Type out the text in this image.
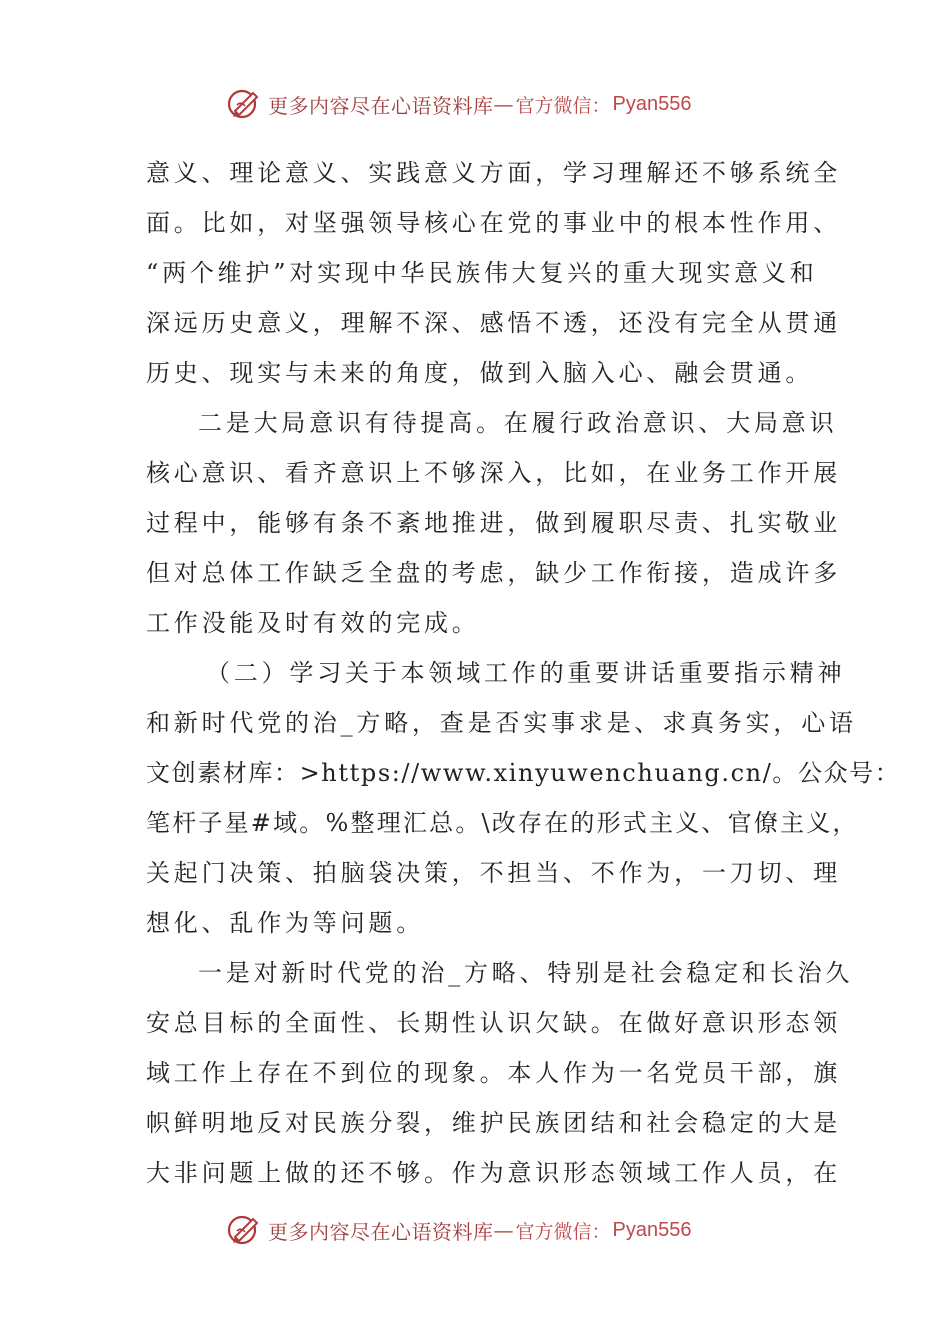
更多内容尽在心语资料库 — 官方微信： Pyan556
意义、理论意义、实践意义方面，学习理解还不够系统全
面。比如，对坚强领导核心在党的事业中的根本性作用、
“两个维护”对实现中华民族伟大复兴的重大现实意义和
深远历史意义，理解不深、感悟不透，还没有完全从贯通
历史、现实与未来的角度，做到入脑入心、融会贯通。
二是大局意识有待提高。在履行政治意识、大局意识
核心意识、看齐意识上不够深入，比如，在业务工作开展
过程中，能够有条不紊地推进，做到履职尽责、扎实敬业
但对总体工作缺乏全盘的考虑，缺少工作衔接，造成许多
工作没能及时有效的完成。
（二）学习关于本领域工作的重要讲话重要指示精神
和新时代党的治_方略，查是否实事求是、求真务实，心语
文创素材库：>https://www.xinyuwenchuang.cn/。公众号：
笔杆子星#域。%整理汇总。\改存在的形式主义、官僚主义，
关起门决策、拍脑袋决策，不担当、不作为，一刀切、理
想化、乱作为等问题。
一是对新时代党的治_方略、特别是社会稳定和长治久
安总目标的全面性、长期性认识欠缺。在做好意识形态领
域工作上存在不到位的现象。本人作为一名党员干部，旗
帜鲜明地反对民族分裂，维护民族团结和社会稳定的大是
大非问题上做的还不够。作为意识形态领域工作人员，在
更多内容尽在心语资料库 — 官方微信： Pyan556
